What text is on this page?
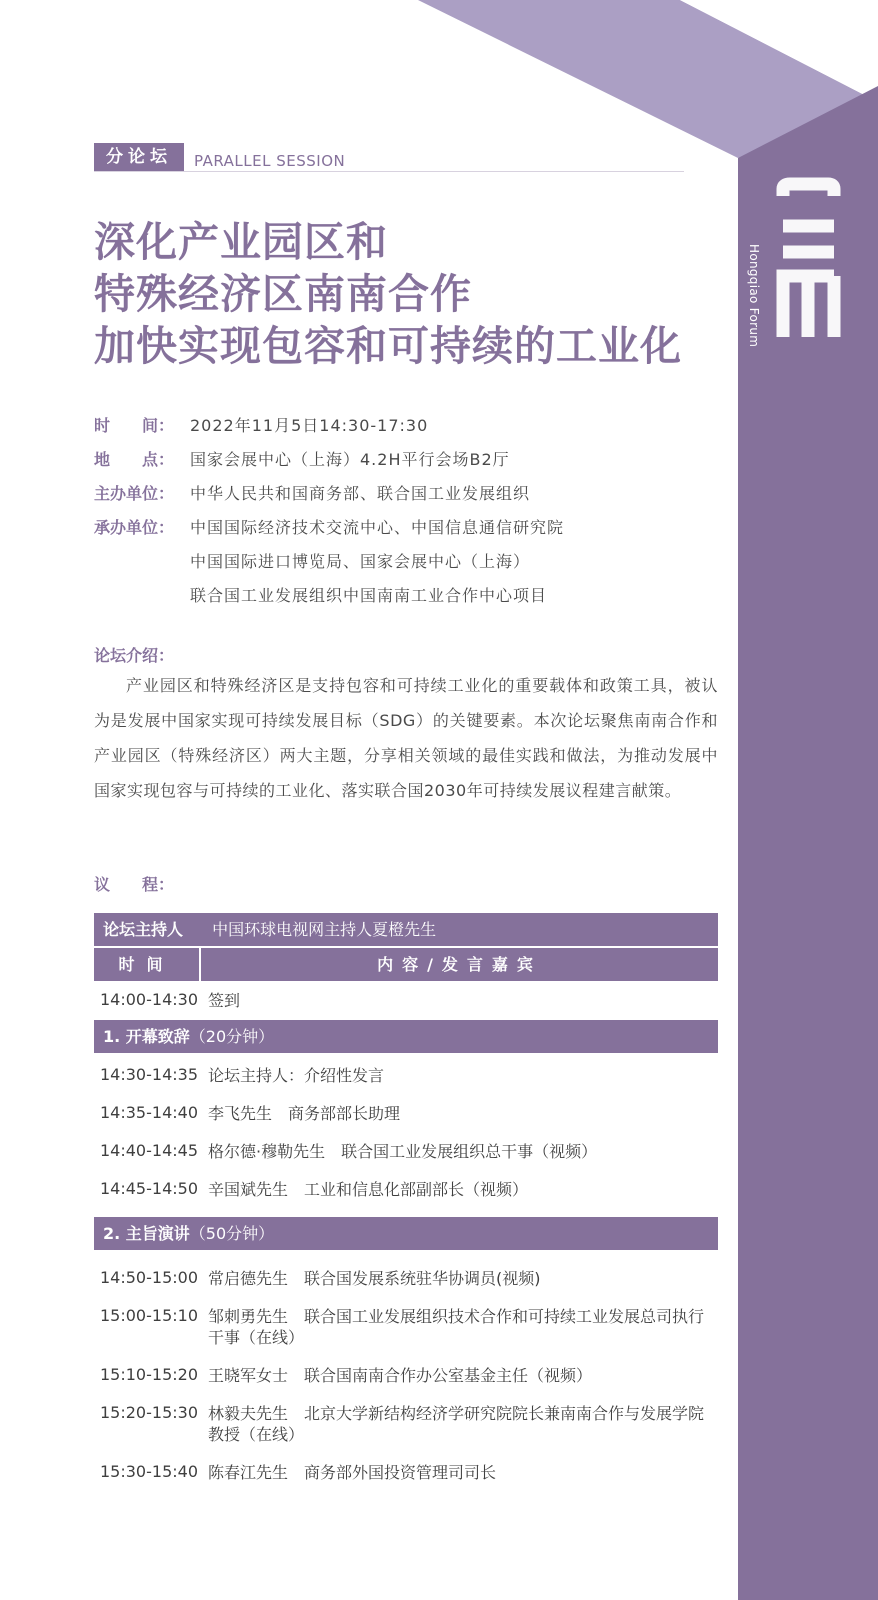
Hongqiao Forum
分论坛	PARALLEL SESSION
深化产业园区和
特殊经济区南南合作
加快实现包容和可持续的工业化
时　　间： 2022年11月5日14:30-17:30
地　　点： 国家会展中心（上海）4.2H平行会场B2厅
主办单位： 中华人民共和国商务部、联合国工业发展组织
承办单位： 中国国际经济技术交流中心、中国信息通信研究院
中国国际进口博览局、国家会展中心（上海）
联合国工业发展组织中国南南工业合作中心项目
论坛介绍：
产业园区和特殊经济区是支持包容和可持续工业化的重要载体和政策工具，被认为是发展中国家实现可持续发展目标（SDG）的关键要素。本次论坛聚焦南南合作和产业园区（特殊经济区）两大主题，分享相关领域的最佳实践和做法，为推动发展中国家实现包容与可持续的工业化、落实联合国2030年可持续发展议程建言献策。
议　　程：
论坛主持人 中国环球电视网主持人夏橙先生
时间	内容/发言嘉宾
14:00-14:30 签到
1. 开幕致辞（20分钟）
14:30-14:35 论坛主持人：介绍性发言
14:35-14:40 李飞先生　商务部部长助理
14:40-14:45 格尔德·穆勒先生　联合国工业发展组织总干事（视频）
14:45-14:50 辛国斌先生　工业和信息化部副部长（视频）
2. 主旨演讲（50分钟）
14:50-15:00 常启德先生　联合国发展系统驻华协调员(视频)
15:00-15:10 邹刺勇先生　联合国工业发展组织技术合作和可持续工业发展总司执行干事（在线）
15:10-15:20 王晓军女士　联合国南南合作办公室基金主任（视频）
15:20-15:30 林毅夫先生　北京大学新结构经济学研究院院长兼南南合作与发展学院教授（在线）
15:30-15:40 陈春江先生　商务部外国投资管理司司长
